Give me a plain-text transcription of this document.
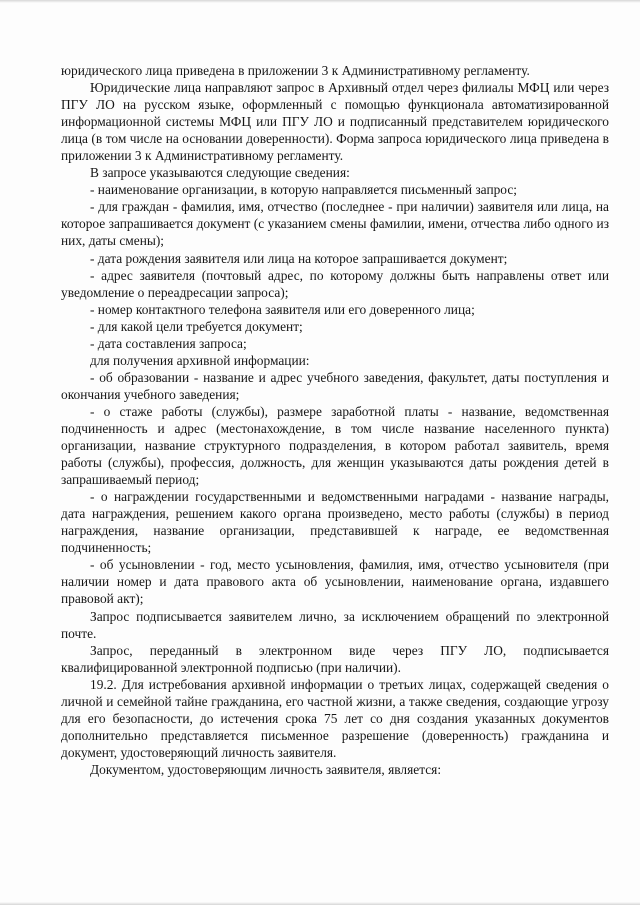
юридического лица приведена в приложении 3 к Административному регламенту.

Юридические лица направляют запрос в Архивный отдел через филиалы МФЦ или через ПГУ ЛО на русском языке, оформленный с помощью функционала автоматизированной информационной системы МФЦ или ПГУ ЛО и подписанный представителем юридического лица (в том числе на основании доверенности). Форма запроса юридического лица приведена в приложении 3 к Административному регламенту.

В запросе указываются следующие сведения:

- наименование организации, в которую направляется письменный запрос;

- для граждан - фамилия, имя, отчество (последнее - при наличии) заявителя или лица, на которое запрашивается документ (с указанием смены фамилии, имени, отчества либо одного из них, даты смены);

- дата рождения заявителя или лица на которое запрашивается документ;

- адрес заявителя (почтовый адрес, по которому должны быть направлены ответ или уведомление о переадресации запроса);

- номер контактного телефона заявителя или его доверенного лица;

- для какой цели требуется документ;

- дата составления запроса;

для получения архивной информации:

- об образовании - название и адрес учебного заведения, факультет, даты поступления и окончания учебного заведения;

- о стаже работы (службы), размере заработной платы - название, ведомственная подчиненность и адрес (местонахождение, в том числе название населенного пункта) организации, название структурного подразделения, в котором работал заявитель, время работы (службы), профессия, должность, для женщин указываются даты рождения детей в запрашиваемый период;

- о награждении государственными и ведомственными наградами - название награды, дата награждения, решением какого органа произведено, место работы (службы) в период награждения, название организации, представившей к награде, ее ведомственная подчиненность;

- об усыновлении - год, место усыновления, фамилия, имя, отчество усыновителя (при наличии номер и дата правового акта об усыновлении, наименование органа, издавшего правовой акт);

Запрос подписывается заявителем лично, за исключением обращений по электронной почте.

Запрос, переданный в электронном виде через ПГУ ЛО, подписывается квалифицированной электронной подписью (при наличии).

19.2. Для истребования архивной информации о третьих лицах, содержащей сведения о личной и семейной тайне гражданина, его частной жизни, а также сведения, создающие угрозу для его безопасности, до истечения срока 75 лет со дня создания указанных документов дополнительно представляется письменное разрешение (доверенность) гражданина и документ, удостоверяющий личность заявителя.

Документом, удостоверяющим личность заявителя, является:
